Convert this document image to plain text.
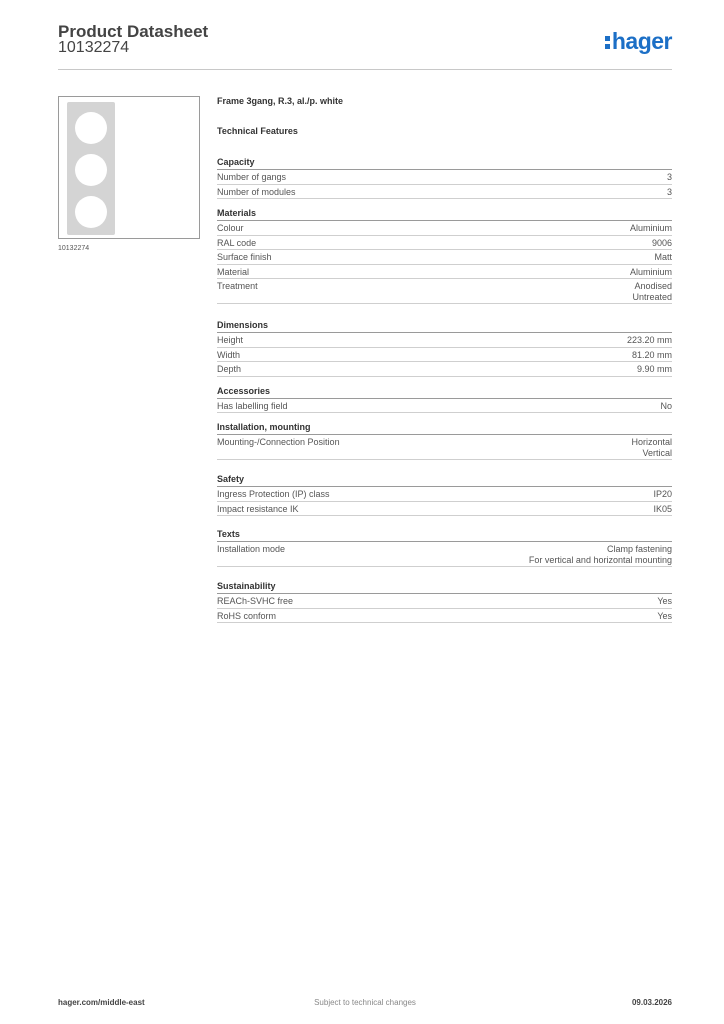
Product Datasheet
10132274	hager
10132274
Frame 3gang, R.3, al./p. white
Technical Features
Capacity
Number of gangs	3
Number of modules	3
Materials
Colour	Aluminium
RAL code	9006
Surface finish	Matt
Material	Aluminium
Treatment	Anodised
Untreated
Dimensions
Height	223.20 mm
Width	81.20 mm
Depth	9.90 mm
Accessories
Has labelling field	No
Installation, mounting
Mounting-/Connection Position	Horizontal
Vertical
Safety
Ingress Protection (IP) class	IP20
Impact resistance IK	IK05
Texts
Installation mode	Clamp fastening
For vertical and horizontal mounting
Sustainability
REACh-SVHC free	Yes
RoHS conform	Yes
Subject to technical changes
hager.com/middle-east	09.03.2026
